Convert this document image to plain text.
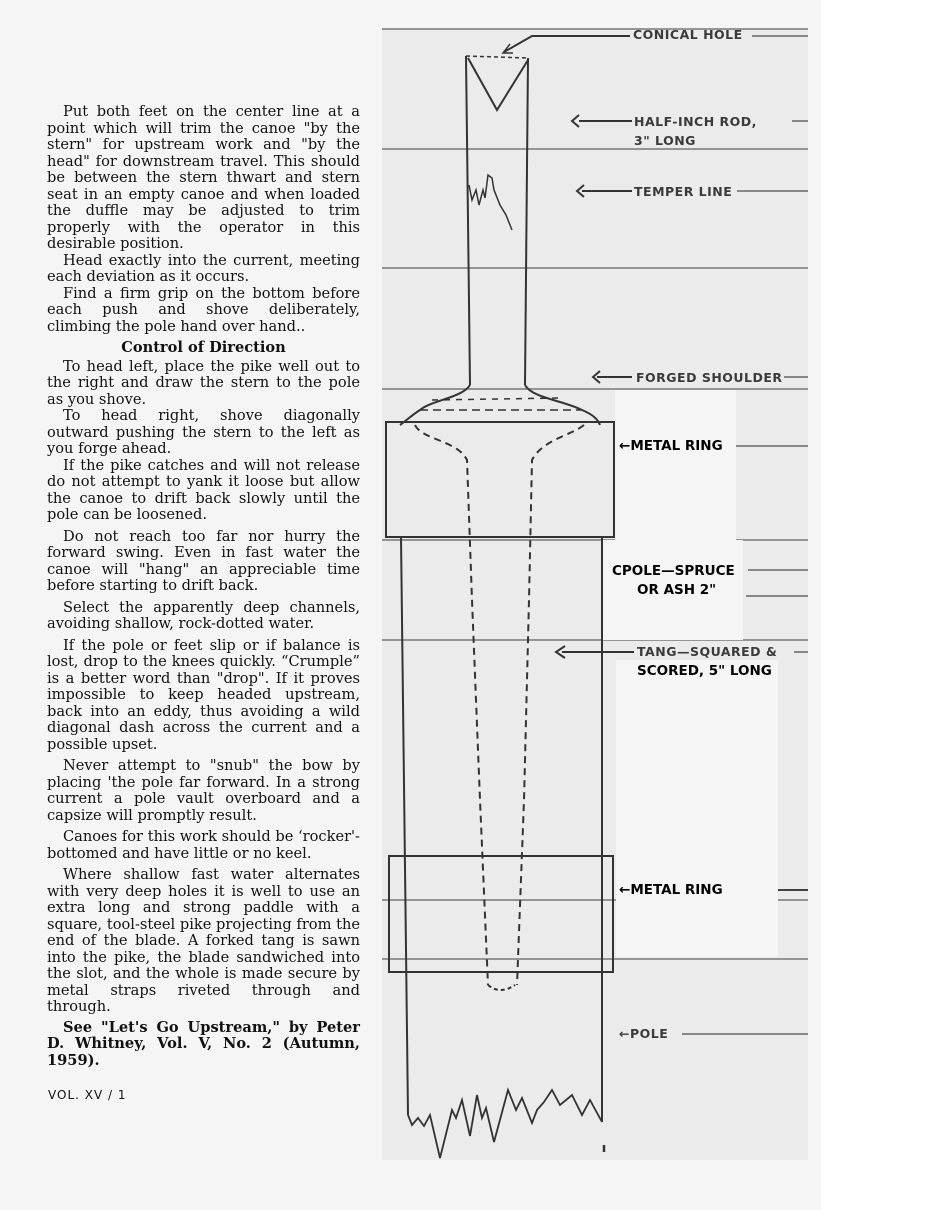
Put both feet on the center line at a point which will trim the canoe "by the stern" for upstream work and "by the head" for downstream travel. This should be between the stern thwart and stern seat in an empty canoe and when loaded the duffle may be adjusted to trim properly with the operator in this desirable position.

Head exactly into the current, meeting each deviation as it occurs.

Find a firm grip on the bottom before each push and shove deliberately, climbing the pole hand over hand..

Control of Direction

To head left, place the pike well out to the right and draw the stern to the pole as you shove.

To head right, shove diagonally outward pushing the stern to the left as you forge ahead.

If the pike catches and will not release do not attempt to yank it loose but allow the canoe to drift back slowly until the pole can be loosened.

Do not reach too far nor hurry the forward swing. Even in fast water the canoe will "hang" an appreciable time before starting to drift back.

Select the apparently deep channels, avoiding shallow, rock-dotted water.

If the pole or feet slip or if balance is lost, drop to the knees quickly. “Crumple” is a better word than "drop". If it proves impossible to keep headed upstream, back into an eddy, thus avoiding a wild diagonal dash across the current and a possible upset.

Never attempt to "snub" the bow by placing 'the pole far forward. In a strong current a pole vault overboard and a capsize will promptly result.

Canoes for this work should be ‘rocker'-bottomed and have little or no keel.

Where shallow fast water alternates with very deep holes it is well to use an extra long and strong paddle with a square, tool-steel pike projecting from the end of the blade. A forked tang is sawn into the pike, the blade sandwiched into the slot, and the whole is made secure by metal straps riveted through and through.

See "Let's Go Upstream," by Peter D. Whitney, Vol. V, No. 2 (Autumn, 1959).

VOL. XV / 1
CONICAL HOLE
HALF-INCH ROD,
3" LONG
TEMPER LINE
FORGED SHOULDER
←METAL RING
CPOLE—SPRUCE
OR ASH 2"
TANG—SQUARED &
SCORED, 5" LONG
←METAL RING
←POLE
